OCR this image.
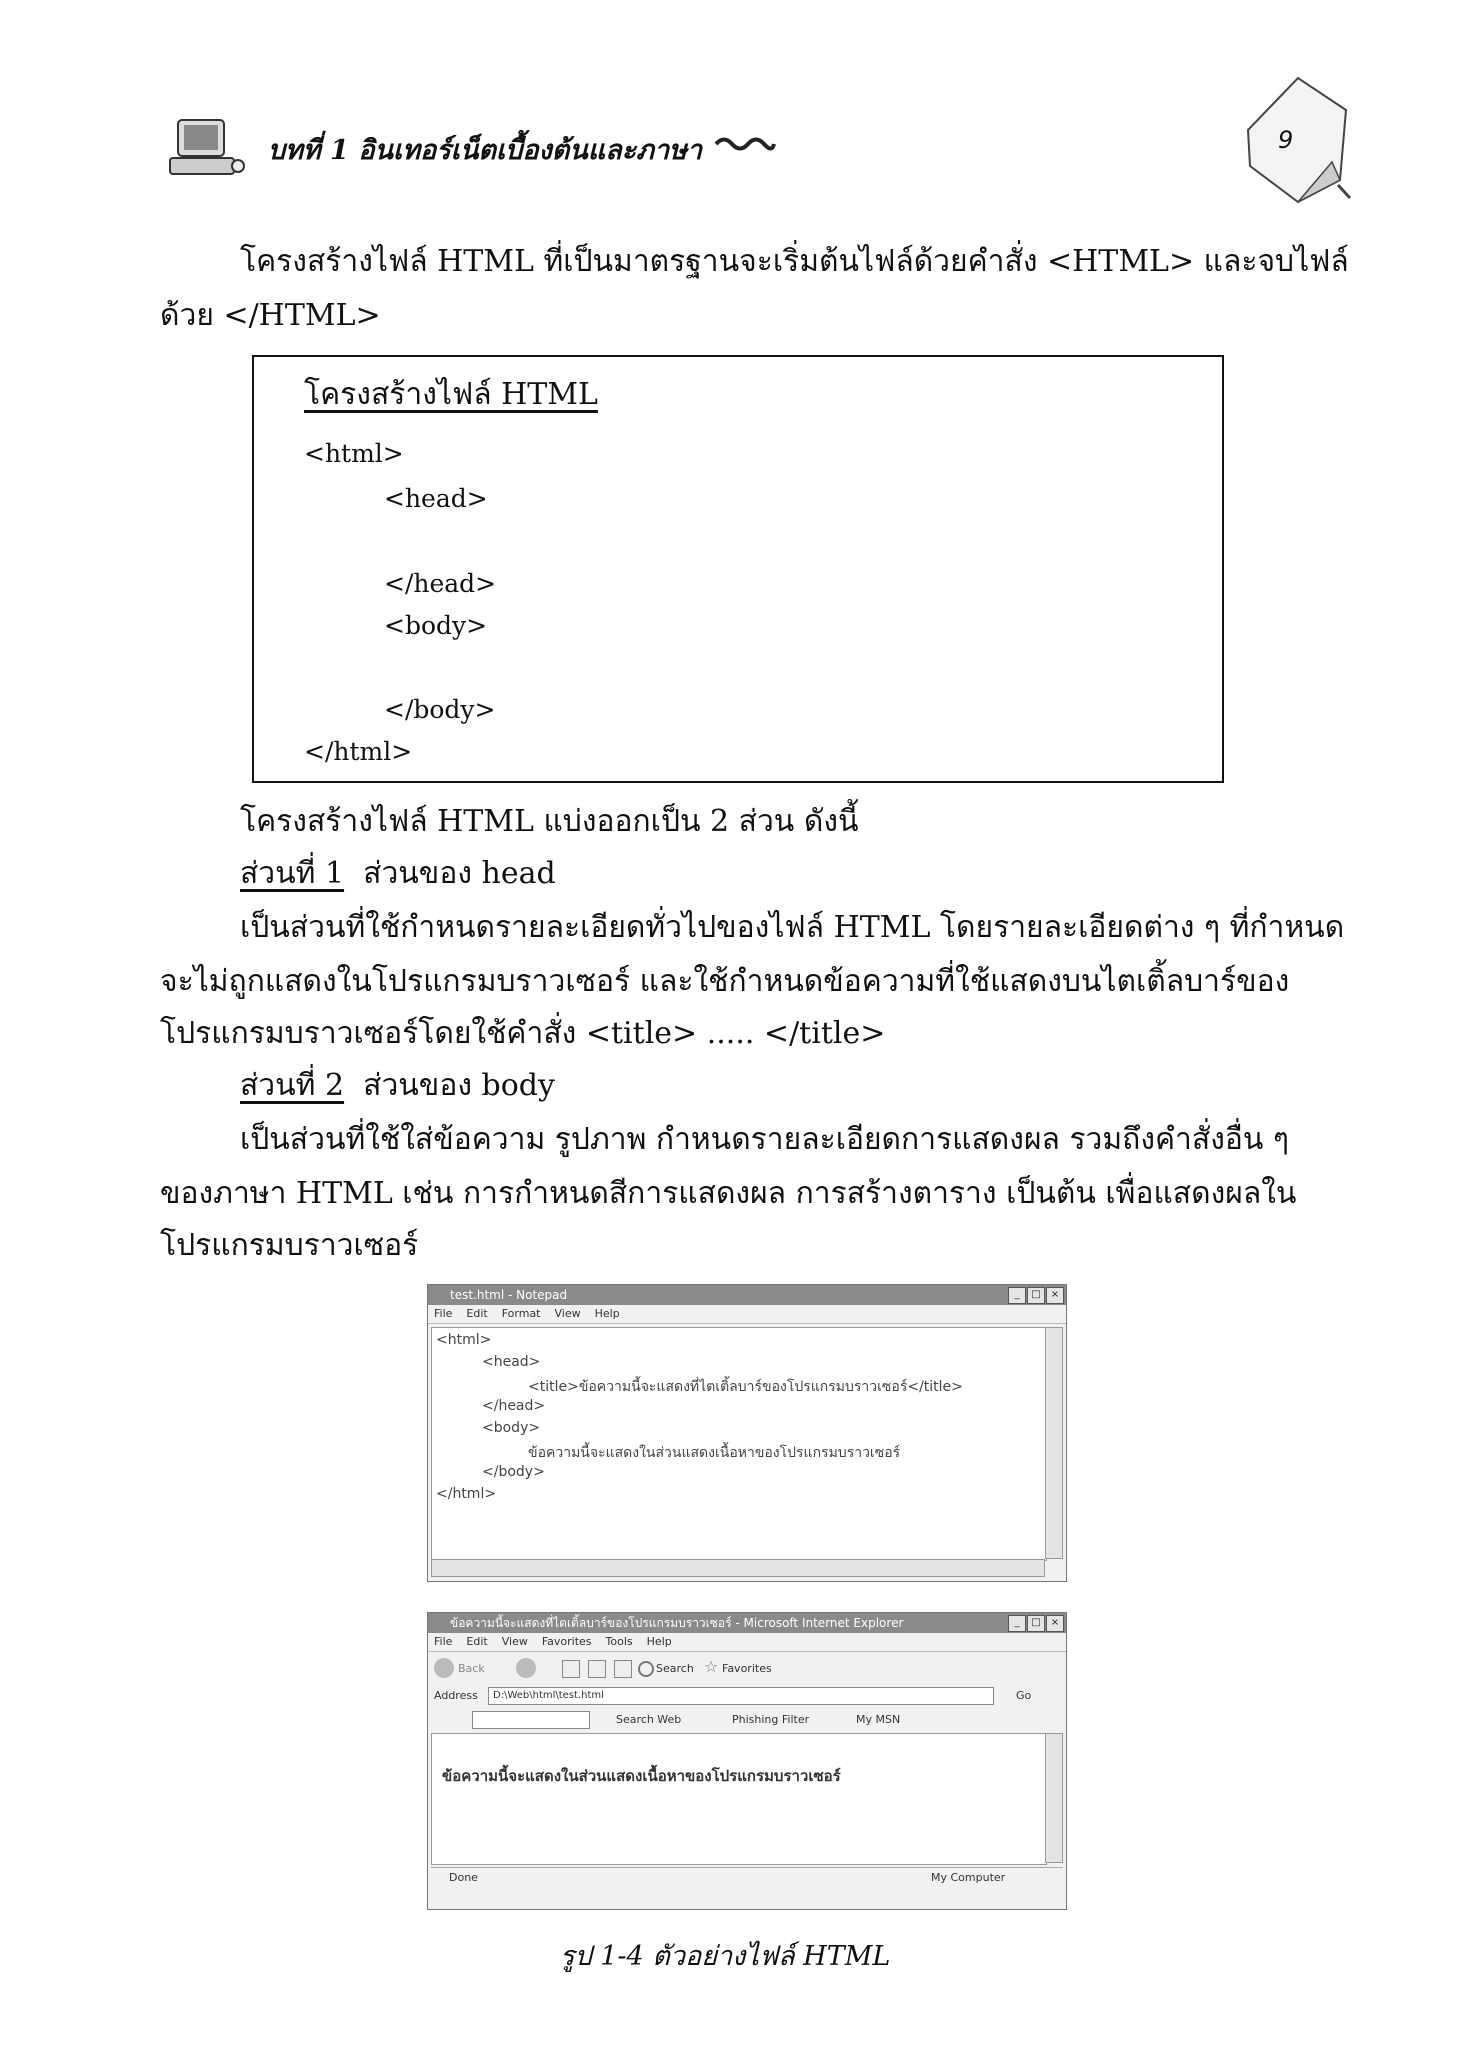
บทที่ 1 อินเทอร์เน็ตเบื้องต้นและภาษา	9
โครงสร้างไฟล์ HTML ที่เป็นมาตรฐานจะเริ่มต้นไฟล์ด้วยคำสั่ง <HTML> และจบไฟล์
ด้วย </HTML>
โครงสร้างไฟล์ HTML
<html>
<head>
</head>
<body>
</body>
</html>
โครงสร้างไฟล์ HTML แบ่งออกเป็น 2 ส่วน ดังนี้
ส่วนที่ 1 ส่วนของ head
เป็นส่วนที่ใช้กำหนดรายละเอียดทั่วไปของไฟล์ HTML โดยรายละเอียดต่าง ๆ ที่กำหนด
จะไม่ถูกแสดงในโปรแกรมบราวเซอร์ และใช้กำหนดข้อความที่ใช้แสดงบนไตเติ้ลบาร์ของ
โปรแกรมบราวเซอร์โดยใช้คำสั่ง <title> ..... </title>
ส่วนที่ 2 ส่วนของ body
เป็นส่วนที่ใช้ใส่ข้อความ รูปภาพ กำหนดรายละเอียดการแสดงผล รวมถึงคำสั่งอื่น ๆ
ของภาษา HTML เช่น การกำหนดสีการแสดงผล การสร้างตาราง เป็นต้น เพื่อแสดงผลใน
โปรแกรมบราวเซอร์
test.html - Notepad	_	□	×
File Edit Format View Help
<html>
<head>
<title>ข้อความนี้จะแสดงที่ไตเติ้ลบาร์ของโปรแกรมบราวเซอร์</title>
</head>
<body>
ข้อความนี้จะแสดงในส่วนแสดงเนื้อหาของโปรแกรมบราวเซอร์
</body>
</html>
ข้อความนี้จะแสดงที่ไตเติ้ลบาร์ของโปรแกรมบราวเซอร์ - Microsoft Internet Explorer	_	□	×
File Edit View Favorites Tools Help
Back	Search ☆ Favorites
Address	D:\Web\html\test.html	Go
Search Web	Phishing Filter	My MSN
ข้อความนี้จะแสดงในส่วนแสดงเนื้อหาของโปรแกรมบราวเซอร์
Done	My Computer
รูป 1-4 ตัวอย่างไฟล์ HTML
